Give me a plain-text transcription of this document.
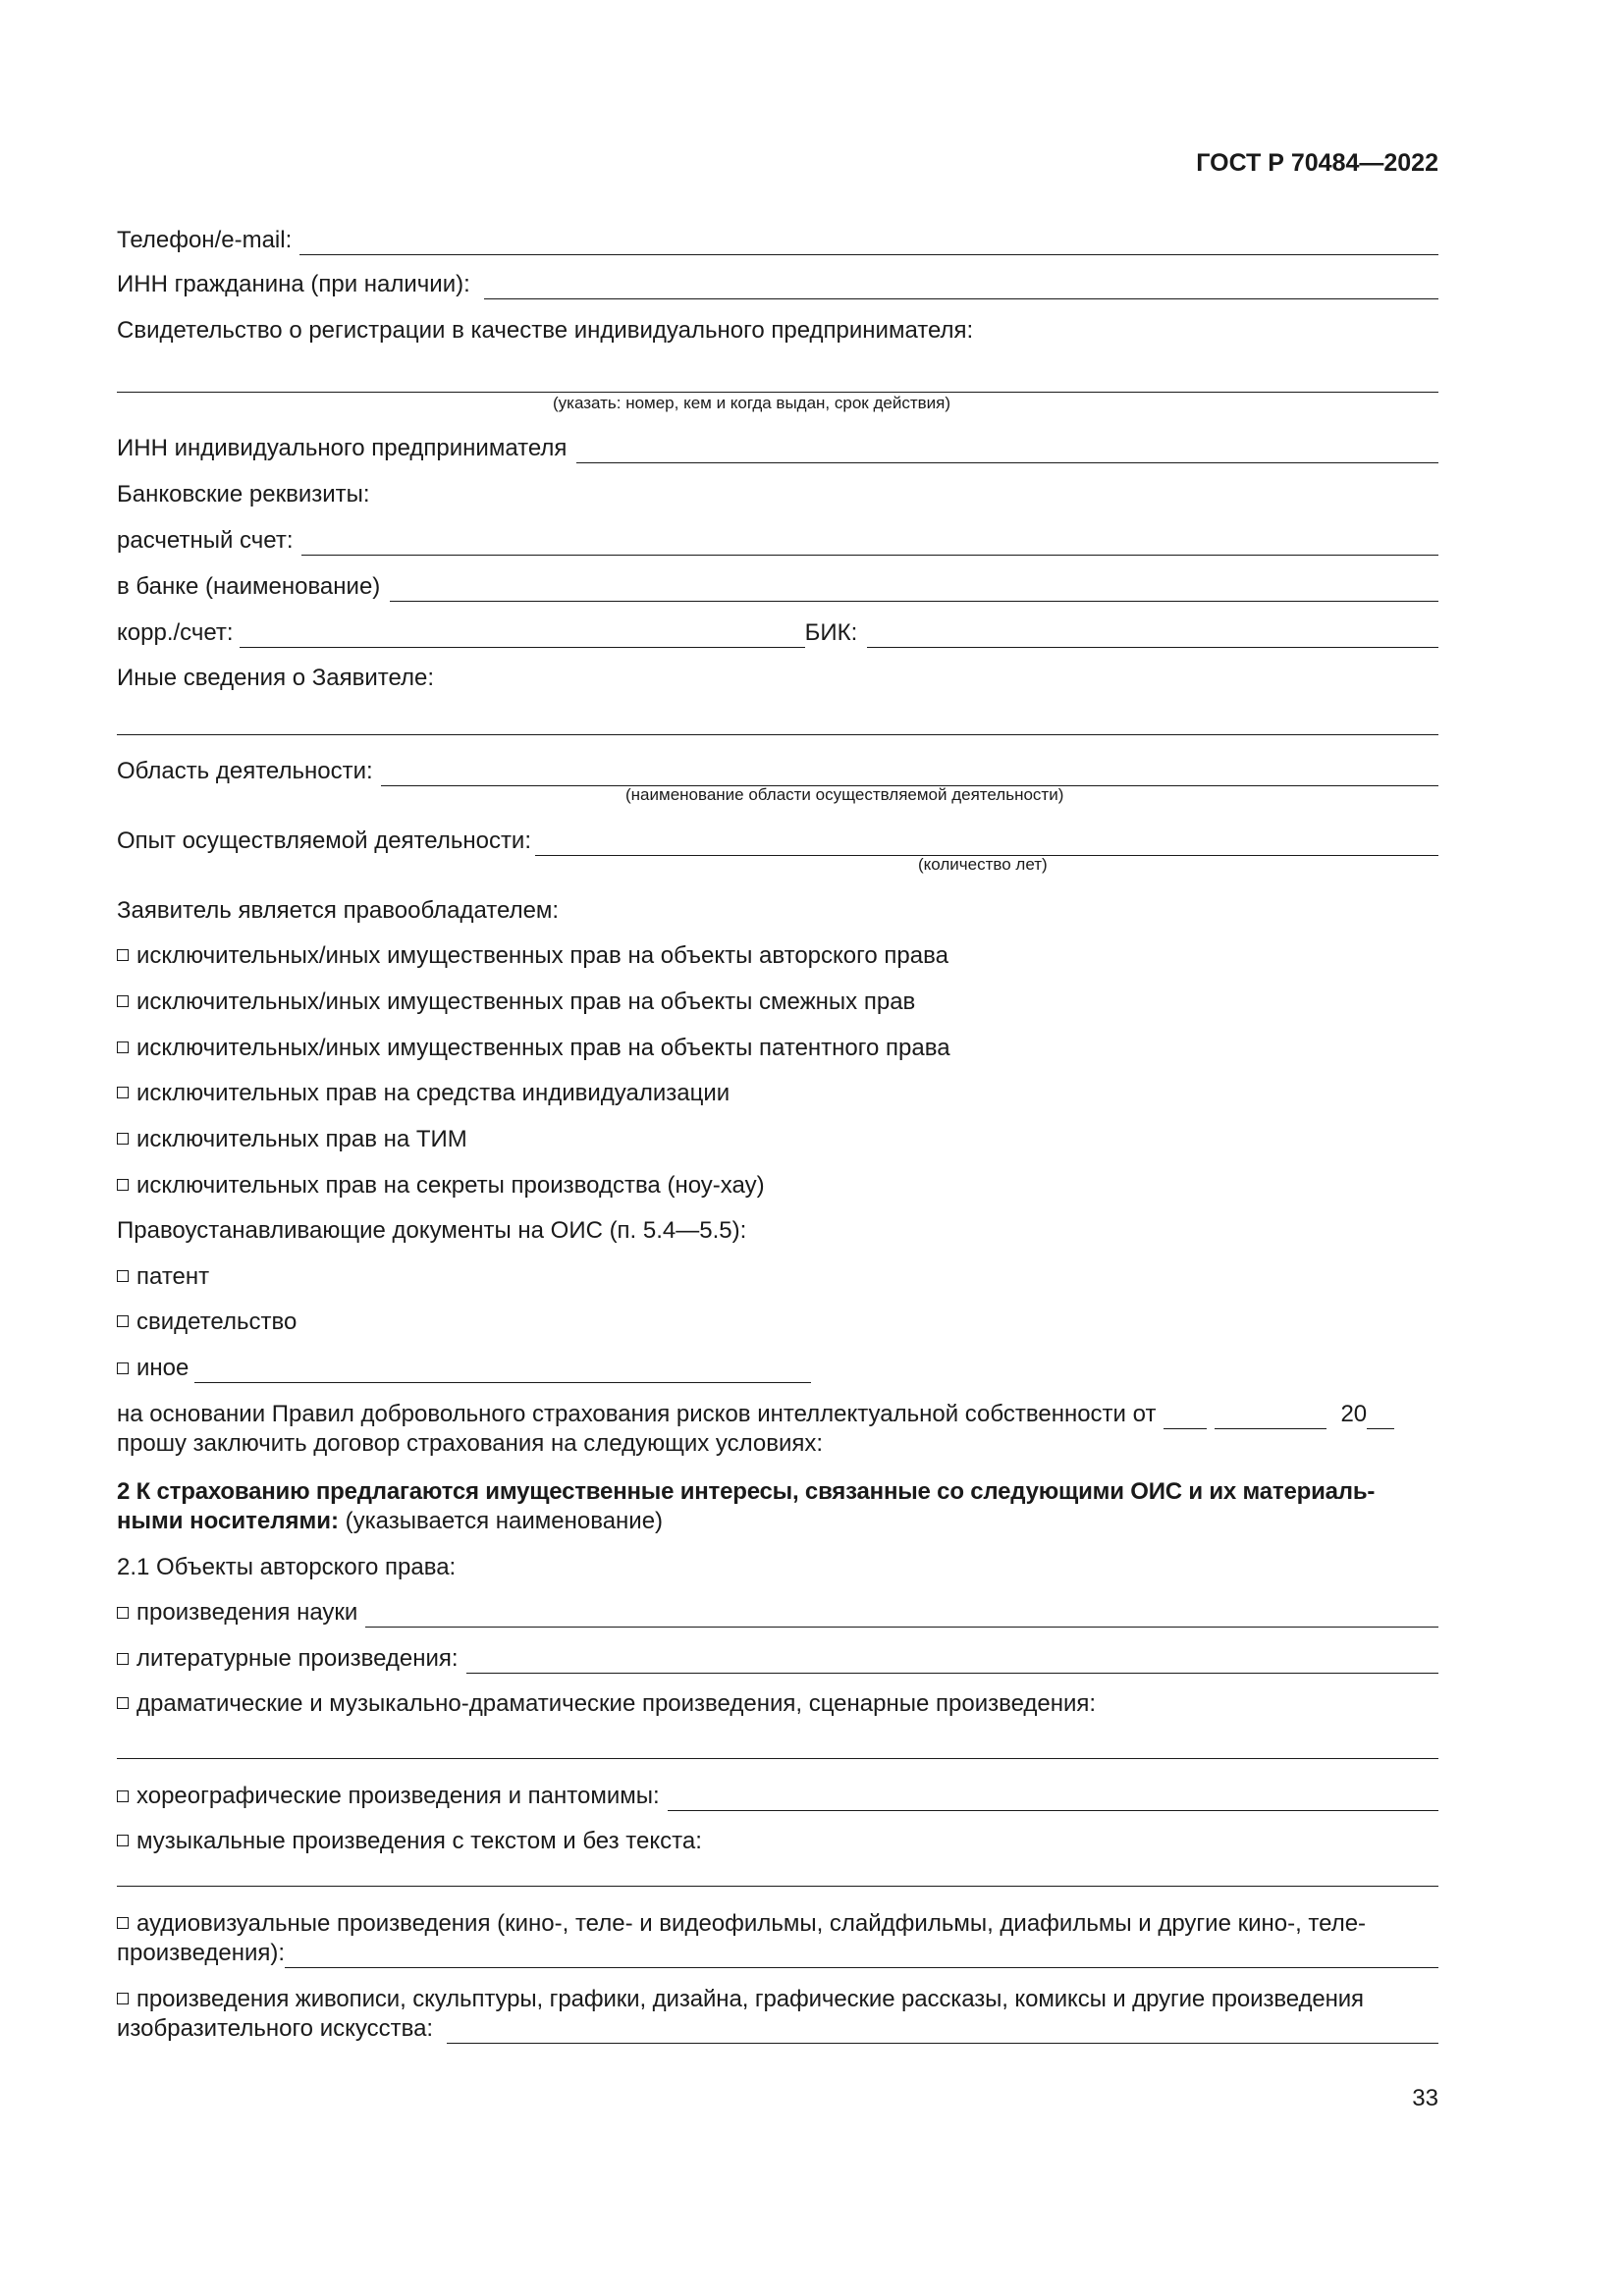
ГОСТ Р 70484—2022
Телефон/e-mail:
ИНН гражданина (при наличии):
Свидетельство о регистрации в качестве индивидуального предпринимателя:
(указать: номер, кем и когда выдан, срок действия)
ИНН индивидуального предпринимателя
Банковские реквизиты:
расчетный счет:
в банке (наименование)
корр./счет:	БИК:
Иные сведения о Заявителе:
Область деятельности:
(наименование области осуществляемой деятельности)
Опыт осуществляемой деятельности:
(количество лет)
Заявитель является правообладателем:
исключительных/иных имущественных прав на объекты авторского права
исключительных/иных имущественных прав на объекты смежных прав
исключительных/иных имущественных прав на объекты патентного права
исключительных прав на средства индивидуализации
исключительных прав на ТИМ
исключительных прав на секреты производства (ноу-хау)
Правоустанавливающие документы на ОИС (п. 5.4—5.5):
патент
свидетельство
иное
на основании Правил добровольного страхования рисков интеллектуальной собственности от	20
прошу заключить договор страхования на следующих условиях:
2 К страхованию предлагаются имущественные интересы, связанные со следующими ОИС и их материаль-
ными носителями: (указывается наименование)
2.1 Объекты авторского права:
произведения науки
литературные произведения:
драматические и музыкально-драматические произведения, сценарные произведения:
хореографические произведения и пантомимы:
музыкальные произведения с текстом и без текста:
аудиовизуальные произведения (кино-, теле- и видеофильмы, слайдфильмы, диафильмы и другие кино-, теле-
произведения):
произведения живописи, скульптуры, графики, дизайна, графические рассказы, комиксы и другие произведения
изобразительного искусства:
33
